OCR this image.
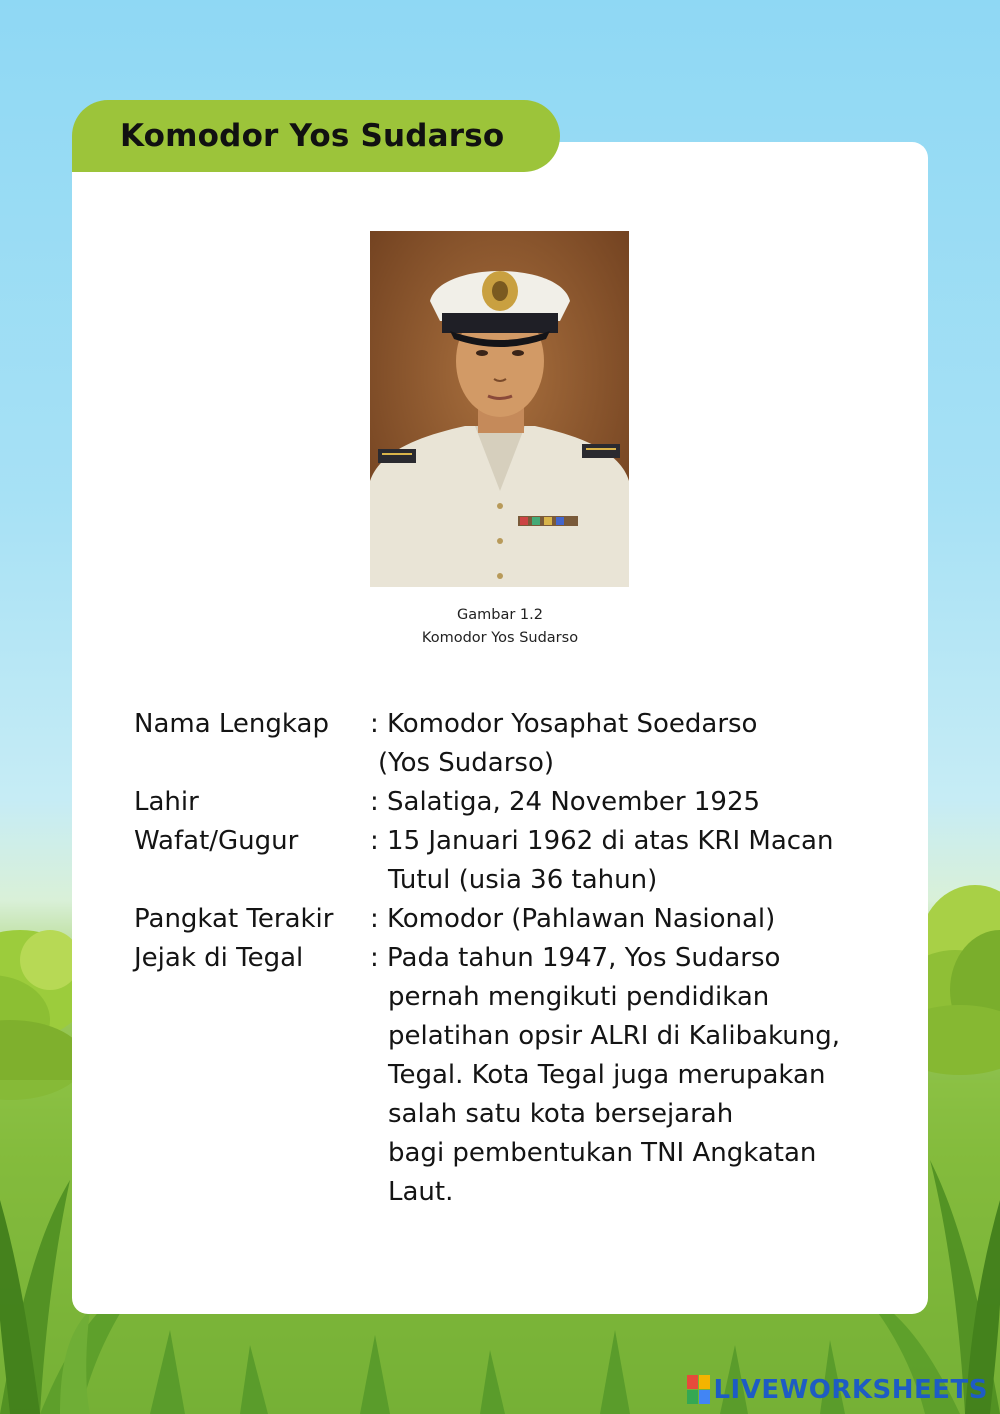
Komodor Yos Sudarso
Gambar 1.2
Komodor Yos Sudarso
Nama Lengkap : Komodor Yosaphat Soedarso
(Yos Sudarso)
Lahir	: Salatiga, 24 November 1925
Wafat/Gugur	: 15 Januari 1962 di atas KRI Macan
Tutul (usia 36 tahun)
Pangkat Terakir : Komodor (Pahlawan Nasional)
Jejak di Tegal	: Pada tahun 1947, Yos Sudarso
pernah mengikuti pendidikan
pelatihan opsir ALRI di Kalibakung,
Tegal. Kota Tegal juga merupakan
salah satu kota bersejarah
bagi pembentukan TNI Angkatan
Laut.
LIVEWORKSHEETS
